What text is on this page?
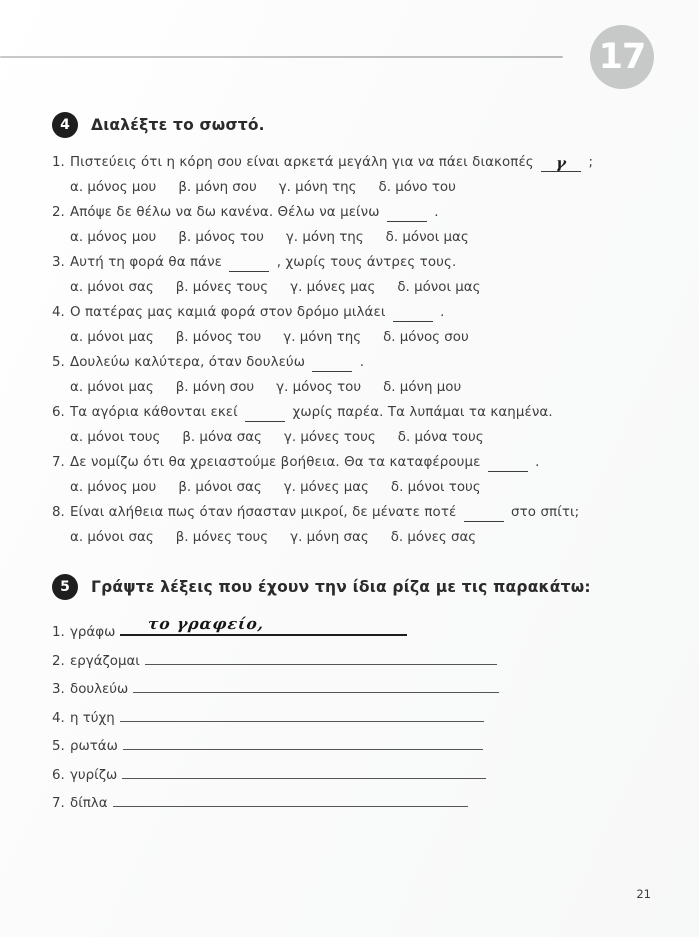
17
4	Διαλέξτε το σωστό.
1. Πιστεύεις ότι η κόρη σου είναι αρκετά μεγάλη για να πάει διακοπές γ ;
α. μόνος μου β. μόνη σου γ. μόνη της δ. μόνο του
2. Απόψε δε θέλω να δω κανένα. Θέλω να μείνω	.
α. μόνος μου β. μόνος του γ. μόνη της δ. μόνοι μας
3. Αυτή τη φορά θα πάνε	, χωρίς τους άντρες τους.
α. μόνοι σας β. μόνες τους γ. μόνες μας δ. μόνοι μας
4. Ο πατέρας μας καμιά φορά στον δρόμο μιλάει	.
α. μόνοι μας β. μόνος του γ. μόνη της δ. μόνος σου
5. Δουλεύω καλύτερα, όταν δουλεύω	.
α. μόνοι μας β. μόνη σου γ. μόνος του δ. μόνη μου
6. Τα αγόρια κάθονται εκεί	χωρίς παρέα. Τα λυπάμαι τα καημένα.
α. μόνοι τους β. μόνα σας γ. μόνες τους δ. μόνα τους
7. Δε νομίζω ότι θα χρειαστούμε βοήθεια. Θα τα καταφέρουμε	.
α. μόνος μου β. μόνοι σας γ. μόνες μας δ. μόνοι τους
8. Είναι αλήθεια πως όταν ήσασταν μικροί, δε μένατε ποτέ	στο σπίτι;
α. μόνοι σας β. μόνες τους γ. μόνη σας δ. μόνες σας
5	Γράψτε λέξεις που έχουν την ίδια ρίζα με τις παρακάτω:
1. γράφω το γραφείο,
2. εργάζομαι
3. δουλεύω
4. η τύχη
5. ρωτάω
6. γυρίζω
7. δίπλα
21
